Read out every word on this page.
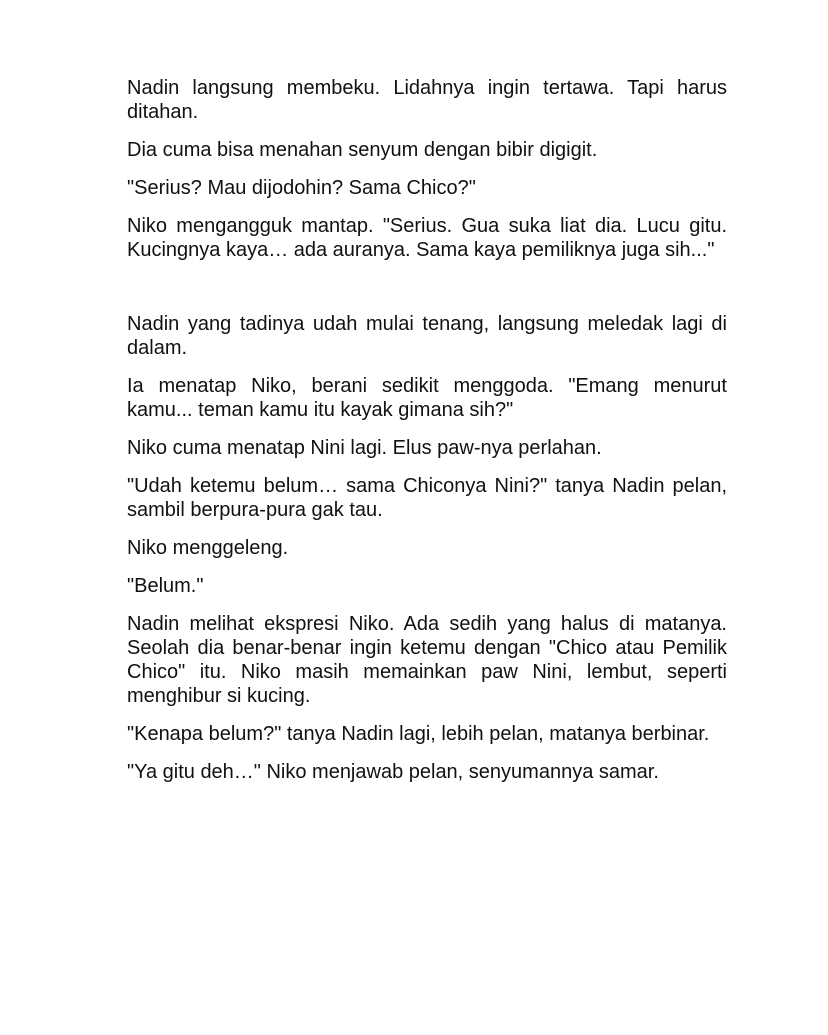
Nadin langsung membeku. Lidahnya ingin tertawa. Tapi harus ditahan.

Dia cuma bisa menahan senyum dengan bibir digigit.

"Serius? Mau dijodohin? Sama Chico?"

Niko mengangguk mantap. "Serius. Gua suka liat dia. Lucu gitu. Kucingnya kaya… ada auranya. Sama kaya pemiliknya juga sih..."

Nadin yang tadinya udah mulai tenang, langsung meledak lagi di dalam.

Ia menatap Niko, berani sedikit menggoda. "Emang menurut kamu... teman kamu itu kayak gimana sih?"

Niko cuma menatap Nini lagi. Elus paw-nya perlahan.

"Udah ketemu belum… sama Chiconya Nini?" tanya Nadin pelan, sambil berpura-pura gak tau.

Niko menggeleng.

"Belum."

Nadin melihat ekspresi Niko. Ada sedih yang halus di matanya. Seolah dia benar-benar ingin ketemu dengan "Chico atau Pemilik Chico" itu. Niko masih memainkan paw Nini, lembut, seperti menghibur si kucing.

"Kenapa belum?" tanya Nadin lagi, lebih pelan, matanya berbinar.

"Ya gitu deh…" Niko menjawab pelan, senyumannya samar.
